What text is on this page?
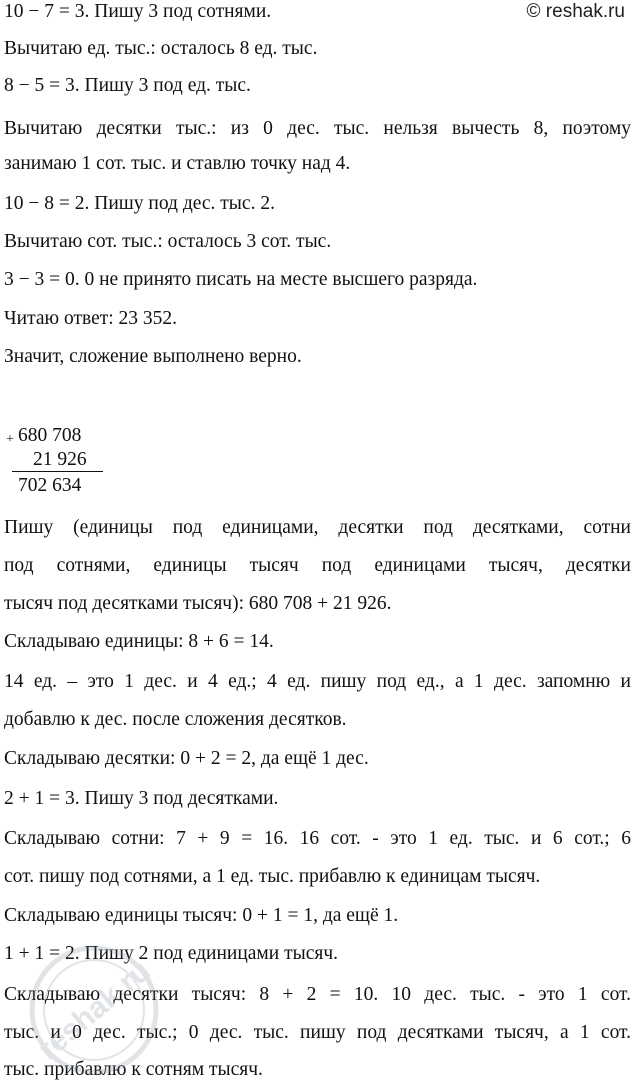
© reshak.ru
10 − 7 = 3. Пишу 3 под сотнями.
Вычитаю ед. тыс.: осталось 8 ед. тыс.
8 − 5 = 3. Пишу 3 под ед. тыс.
Вычитаю десятки тыс.: из 0 дес. тыс. нельзя вычесть 8, поэтому
занимаю 1 сот. тыс. и ставлю точку над 4.
10 − 8 = 2. Пишу под дес. тыс. 2.
Вычитаю сот. тыс.: осталось 3 сот. тыс.
3 − 3 = 0. 0 не принято писать на месте высшего разряда.
Читаю ответ: 23 352.
Значит, сложение выполнено верно.
+ 680 708
21 926
702 634
Пишу (единицы под единицами, десятки под десятками, сотни
под сотнями, единицы тысяч под единицами тысяч, десятки
тысяч под десятками тысяч): 680 708 + 21 926.
Складываю единицы: 8 + 6 = 14.
14 ед. – это 1 дес. и 4 ед.; 4 ед. пишу под ед., а 1 дес. запомню и
добавлю к дес. после сложения десятков.
Складываю десятки: 0 + 2 = 2, да ещё 1 дес.
2 + 1 = 3. Пишу 3 под десятками.
Складываю сотни: 7 + 9 = 16. 16 сот. - это 1 ед. тыс. и 6 сот.; 6
сот. пишу под сотнями, а 1 ед. тыс. прибавлю к единицам тысяч.
Складываю единицы тысяч: 0 + 1 = 1, да ещё 1.
1 + 1 = 2. Пишу 2 под единицами тысяч.
Складываю десятки тысяч: 8 + 2 = 10. 10 дес. тыс. - это 1 сот.
тыс. и 0 дес. тыс.; 0 дес. тыс. пишу под десятками тысяч, а 1 сот.
тыс. прибавлю к сотням тысяч.
reshak.ru
